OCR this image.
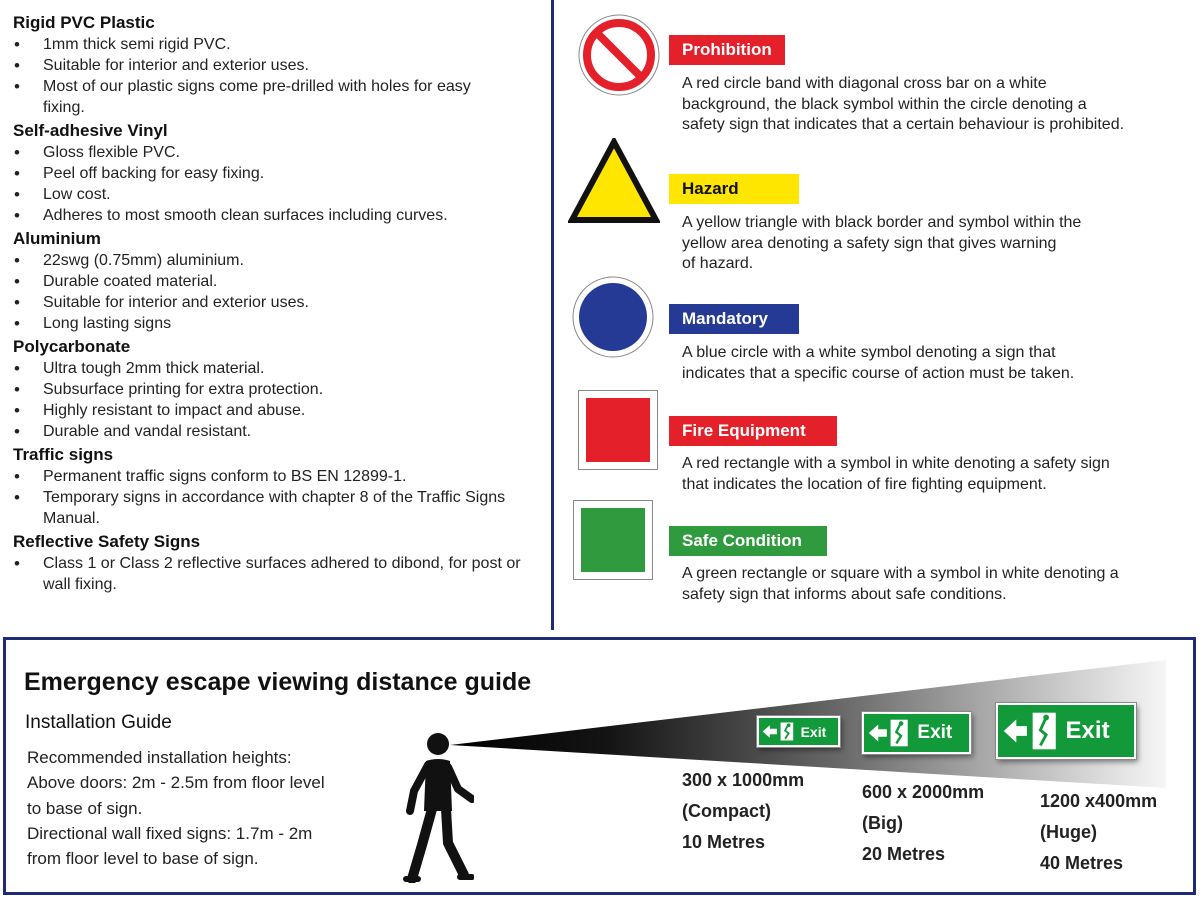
Rigid PVC Plastic
• 1mm thick semi rigid PVC.
• Suitable for interior and exterior uses.
• Most of our plastic signs come pre-drilled with holes for easy fixing.
Self-adhesive Vinyl
• Gloss flexible PVC.
• Peel off backing for easy fixing.
• Low cost.
• Adheres to most smooth clean surfaces including curves.
Aluminium
• 22swg (0.75mm) aluminium.
• Durable coated material.
• Suitable for interior and exterior uses.
• Long lasting signs
Polycarbonate
• Ultra tough 2mm thick material.
• Subsurface printing for extra protection.
• Highly resistant to impact and abuse.
• Durable and vandal resistant.
Traffic signs
• Permanent traffic signs conform to BS EN 12899-1.
• Temporary signs in accordance with chapter 8 of the Traffic Signs Manual.
Reflective Safety Signs
• Class 1 or Class 2 reflective surfaces adhered to dibond, for post or wall fixing.
Prohibition
A red circle band with diagonal cross bar on a white
background, the black symbol within the circle denoting a
safety sign that indicates that a certain behaviour is prohibited.
Hazard
A yellow triangle with black border and symbol within the
yellow area denoting a safety sign that gives warning
of hazard.
Mandatory
A blue circle with a white symbol denoting a sign that
indicates that a specific course of action must be taken.
Fire Equipment
A red rectangle with a symbol in white denoting a safety sign
that indicates the location of fire fighting equipment.
Safe Condition
A green rectangle or square with a symbol in white denoting a
safety sign that informs about safe conditions.
Emergency escape viewing distance guide
Installation Guide
Recommended installation heights:
Above doors: 2m - 2.5m from floor level
to base of sign.
Directional wall fixed signs: 1.7m - 2m
from floor level to base of sign.
Exit	Exit	Exit
300 x 1000mm
(Compact)
10 Metres
600 x 2000mm
(Big)
20 Metres
1200 x400mm
(Huge)
40 Metres
